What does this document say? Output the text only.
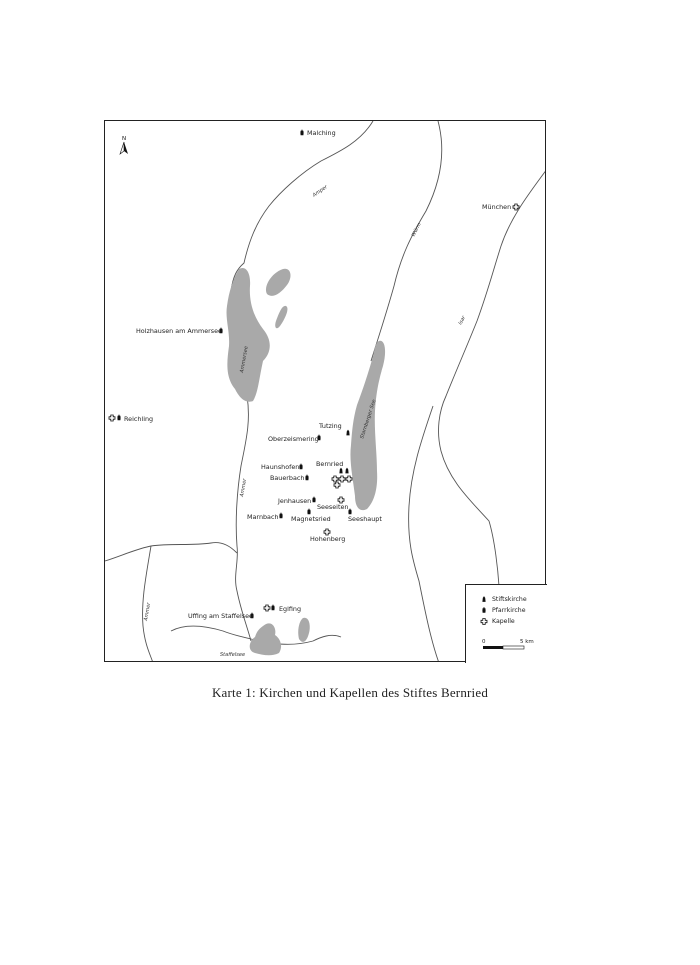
Amper
Würm
Isar
Ammersee
Starnberger See
Ammer
Ammer
Staffelsee
Malching
München
Holzhausen am Ammersee
Reichling
Tutzing
Oberzeismering
Bernried
Haunshofen
Bauerbach
Jenhausen
Seeseiten
Seeshaupt
Marnbach Magnetsried
Hohenberg
Uffing am Staffelsee
Eglfing
N
Stiftskirche
Pfarrkirche
Kapelle
0	5 km
Karte 1: Kirchen und Kapellen des Stiftes Bernried
